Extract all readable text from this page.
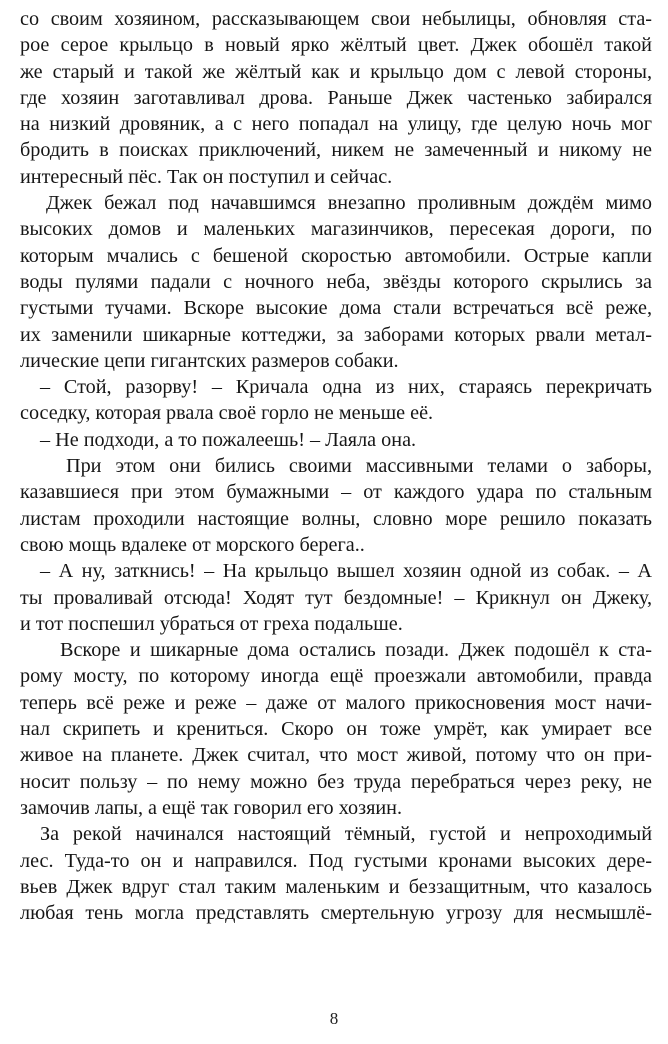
со своим хозяином, рассказывающем свои небылицы, обновляя ста-
рое серое крыльцо в новый ярко жёлтый цвет. Джек обошёл такой
же старый и такой же жёлтый как и крыльцо дом с левой стороны,
где хозяин заготавливал дрова. Раньше Джек частенько забирался
на низкий дровяник, а с него попадал на улицу, где целую ночь мог
бродить в поисках приключений, никем не замеченный и никому не
интересный пёс. Так он поступил и сейчас.
Джек бежал под начавшимся внезапно проливным дождём мимо
высоких домов и маленьких магазинчиков, пересекая дороги, по
которым мчались с бешеной скоростью автомобили. Острые капли
воды пулями падали с ночного неба, звёзды которого скрылись за
густыми тучами. Вскоре высокие дома стали встречаться всё реже,
их заменили шикарные коттеджи, за заборами которых рвали метал-
лические цепи гигантских размеров собаки.
– Стой, разорву! – Кричала одна из них, стараясь перекричать
соседку, которая рвала своё горло не меньше её.
– Не подходи, а то пожалеешь! – Лаяла она.
При этом они бились своими массивными телами о заборы,
казавшиеся при этом бумажными – от каждого удара по стальным
листам проходили настоящие волны, словно море решило показать
свою мощь вдалеке от морского берега..
– А ну, заткнись! – На крыльцо вышел хозяин одной из собак. – А
ты проваливай отсюда! Ходят тут бездомные! – Крикнул он Джеку,
и тот поспешил убраться от греха подальше.
Вскоре и шикарные дома остались позади. Джек подошёл к ста-
рому мосту, по которому иногда ещё проезжали автомобили, правда
теперь всё реже и реже – даже от малого прикосновения мост начи-
нал скрипеть и крениться. Скоро он тоже умрёт, как умирает все
живое на планете. Джек считал, что мост живой, потому что он при-
носит пользу – по нему можно без труда перебраться через реку, не
замочив лапы, а ещё так говорил его хозяин.
За рекой начинался настоящий тёмный, густой и непроходимый
лес. Туда-то он и направился. Под густыми кронами высоких дере-
вьев Джек вдруг стал таким маленьким и беззащитным, что казалось
любая тень могла представлять смертельную угрозу для несмышлё-
8
